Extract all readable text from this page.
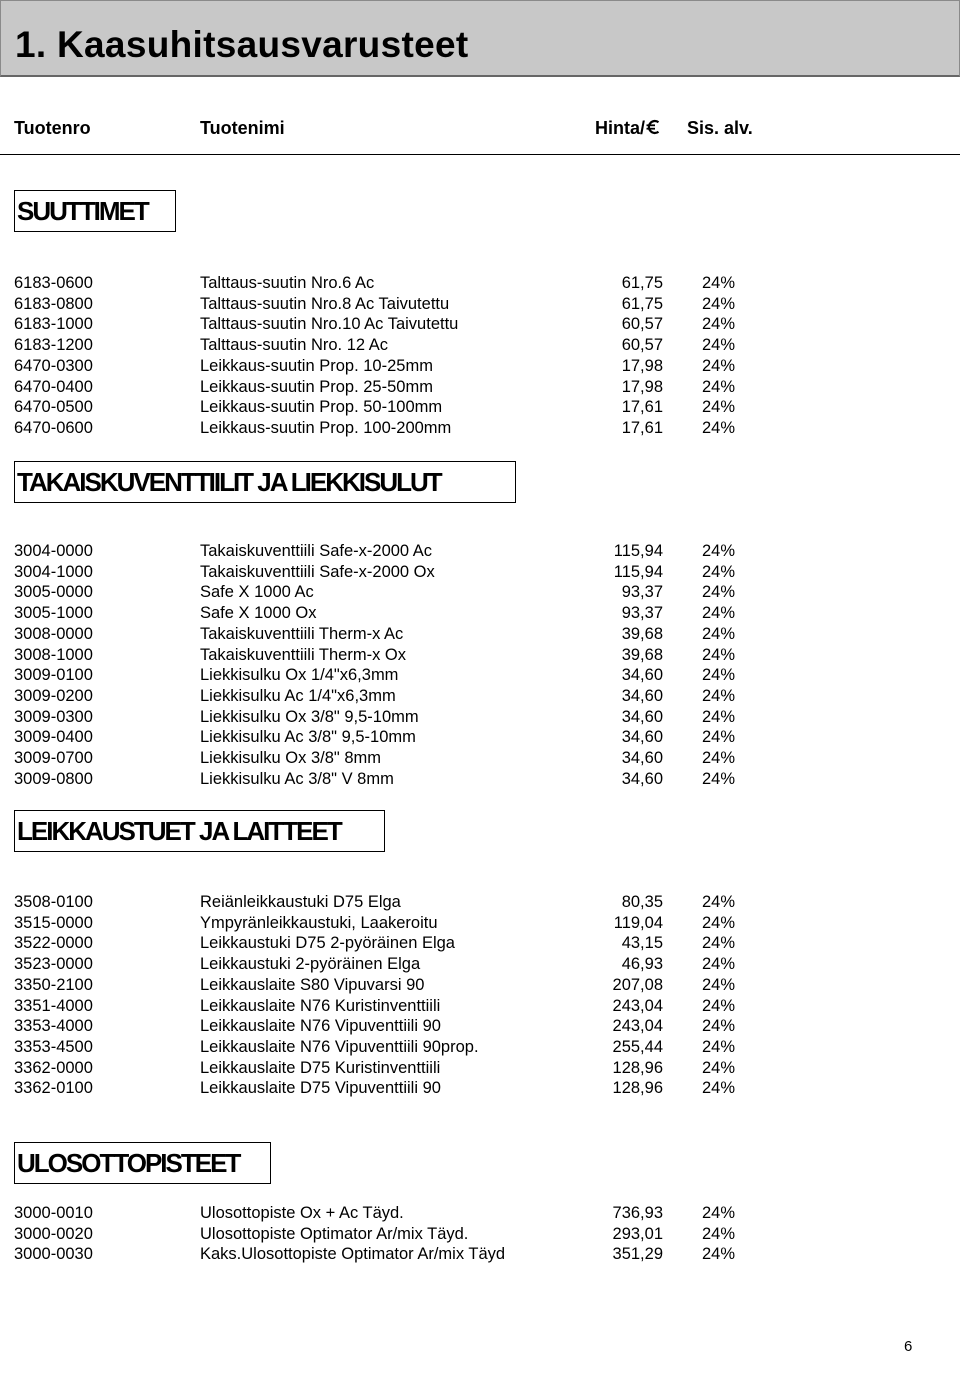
1. Kaasuhitsausvarusteet
Tuotenro	Tuotenimi	Hinta/	Sis. alv.
SUUTTIMET
6183-0600	Talttaus-suutin Nro.6 Ac	61,75 24%
6183-0800	Talttaus-suutin Nro.8 Ac Taivutettu	61,75 24%
6183-1000	Talttaus-suutin Nro.10 Ac Taivutettu	60,57 24%
6183-1200	Talttaus-suutin Nro. 12 Ac	60,57 24%
6470-0300	Leikkaus-suutin Prop. 10-25mm	17,98 24%
6470-0400	Leikkaus-suutin Prop. 25-50mm	17,98 24%
6470-0500	Leikkaus-suutin Prop. 50-100mm	17,61 24%
6470-0600	Leikkaus-suutin Prop. 100-200mm	17,61 24%
TAKAISKUVENTTIILIT JA LIEKKISULUT
3004-0000	Takaiskuventtiili Safe-x-2000 Ac	115,94 24%
3004-1000	Takaiskuventtiili Safe-x-2000 Ox	115,94 24%
3005-0000	Safe X 1000 Ac	93,37 24%
3005-1000	Safe X 1000 Ox	93,37 24%
3008-0000	Takaiskuventtiili Therm-x Ac	39,68 24%
3008-1000	Takaiskuventtiili Therm-x Ox	39,68 24%
3009-0100	Liekkisulku Ox 1/4"x6,3mm	34,60 24%
3009-0200	Liekkisulku Ac 1/4"x6,3mm	34,60 24%
3009-0300	Liekkisulku Ox 3/8" 9,5-10mm	34,60 24%
3009-0400	Liekkisulku Ac 3/8" 9,5-10mm	34,60 24%
3009-0700	Liekkisulku Ox 3/8" 8mm	34,60 24%
3009-0800	Liekkisulku Ac 3/8" V 8mm	34,60 24%
LEIKKAUSTUET JA LAITTEET
3508-0100	Reiänleikkaustuki D75 Elga	80,35 24%
3515-0000	Ympyränleikkaustuki, Laakeroitu	119,04 24%
3522-0000	Leikkaustuki D75 2-pyöräinen Elga	43,15 24%
3523-0000	Leikkaustuki 2-pyöräinen Elga	46,93 24%
3350-2100	Leikkauslaite S80 Vipuvarsi 90	207,08 24%
3351-4000	Leikkauslaite N76 Kuristinventtiili	243,04 24%
3353-4000	Leikkauslaite N76 Vipuventtiili 90	243,04 24%
3353-4500	Leikkauslaite N76 Vipuventtiili 90prop.	255,44 24%
3362-0000	Leikkauslaite D75 Kuristinventtiili	128,96 24%
3362-0100	Leikkauslaite D75 Vipuventtiili 90	128,96 24%
ULOSOTTOPISTEET
3000-0010	Ulosottopiste Ox + Ac Täyd.	736,93 24%
3000-0020	Ulosottopiste Optimator Ar/mix Täyd.	293,01 24%
3000-0030	Kaks.Ulosottopiste Optimator Ar/mix Täyd	351,29 24%
6
